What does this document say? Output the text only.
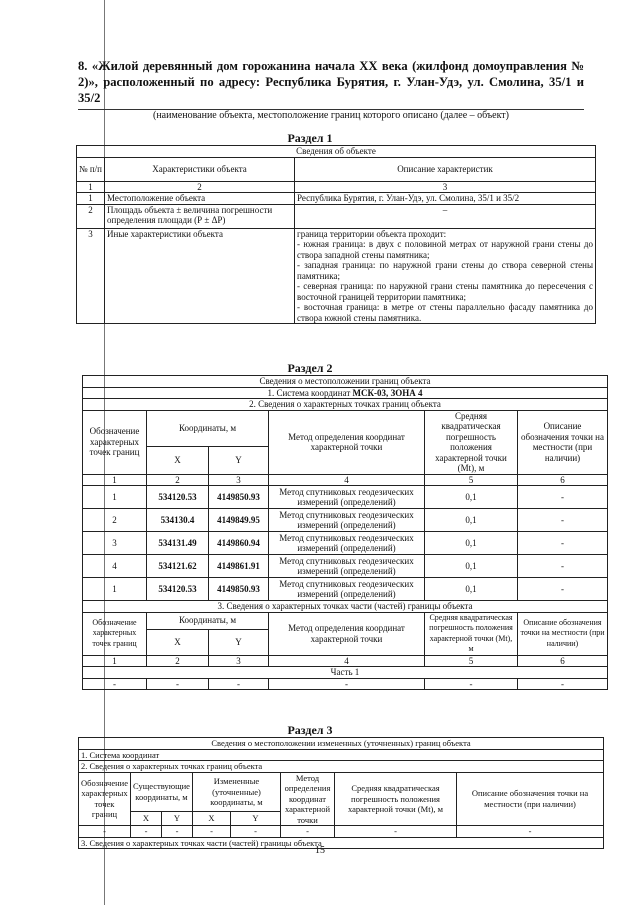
8. «Жилой деревянный дом горожанина начала XX века (жилфонд домоуправления № 2)», расположенный по адресу: Республика Бурятия, г. Улан-Удэ, ул. Смолина, 35/1 и 35/2
(наименование объекта, местоположение границ которого описано (далее – объект)
Раздел 1
Сведения об объекте		
№ п/п	Характеристики объекта	Описание характеристик
1	2	3
1	Местоположение объекта	Республика Бурятия, г. Улан-Удэ, ул. Смолина, 35/1 и 35/2
2	Площадь объекта ± величина погрешности определения площади (Р ± ΔР)	–
3	Иные характеристики объекта	граница территории объекта проходит:
- южная граница: в двух с половиной метрах от наружной грани стены до створа западной стены памятника;
- западная граница: по наружной грани стены до створа северной стены памятника;
- северная граница: по наружной грани стены памятника до пересечения с восточной границей территории памятника;
- восточная граница: в метре от стены параллельно фасаду памятника до створа южной стены памятника.
Раздел 2
Сведения о местоположении границ объекта					
1. Система координат МСК-03, ЗОНА 4					
2. Сведения о характерных точках границ объекта					
Обозначение характерных точек границ	Координаты, м		Метод определения координат характерной точки	Средняя квадратическая погрешность положения характерной точки (Mt), м	Описание обозначения точки на местности (при наличии)
	X	Y			
1	2	3	4	5	6
1	534120.53	4149850.93	Метод спутниковых геодезических измерений (определений)	0,1	-
2	534130.4	4149849.95	Метод спутниковых геодезических измерений (определений)	0,1	-
3	534131.49	4149860.94	Метод спутниковых геодезических измерений (определений)	0,1	-
4	534121.62	4149861.91	Метод спутниковых геодезических измерений (определений)	0,1	-
1	534120.53	4149850.93	Метод спутниковых геодезических измерений (определений)	0,1	-
3. Сведения о характерных точках части (частей) границы объекта					
Обозначение характерных точек границ	Координаты, м		Метод определения координат характерной точки	Средняя квадратическая погрешность положения характерной точки (Mt), м	Описание обозначения точки на местности (при наличии)
	X	Y			
1	2	3	4	5	6
Часть 1					
-	-	-	-	-	-
Раздел 3
Сведения о местоположении измененных (уточненных) границ объекта							
1. Система координат							
2. Сведения о характерных точках границ объекта							
Обозначение характерных точек границ	Существующие координаты, м		Измененные (уточненные) координаты, м		Метод определения координат характерной точки	Средняя квадратическая погрешность положения характерной точки (Mt), м	Описание обозначения точки на местности (при наличии)
	X	Y	X	Y			
-	-	-	-	-	-	-	-
3. Сведения о характерных точках части (частей) границы объекта							
15
